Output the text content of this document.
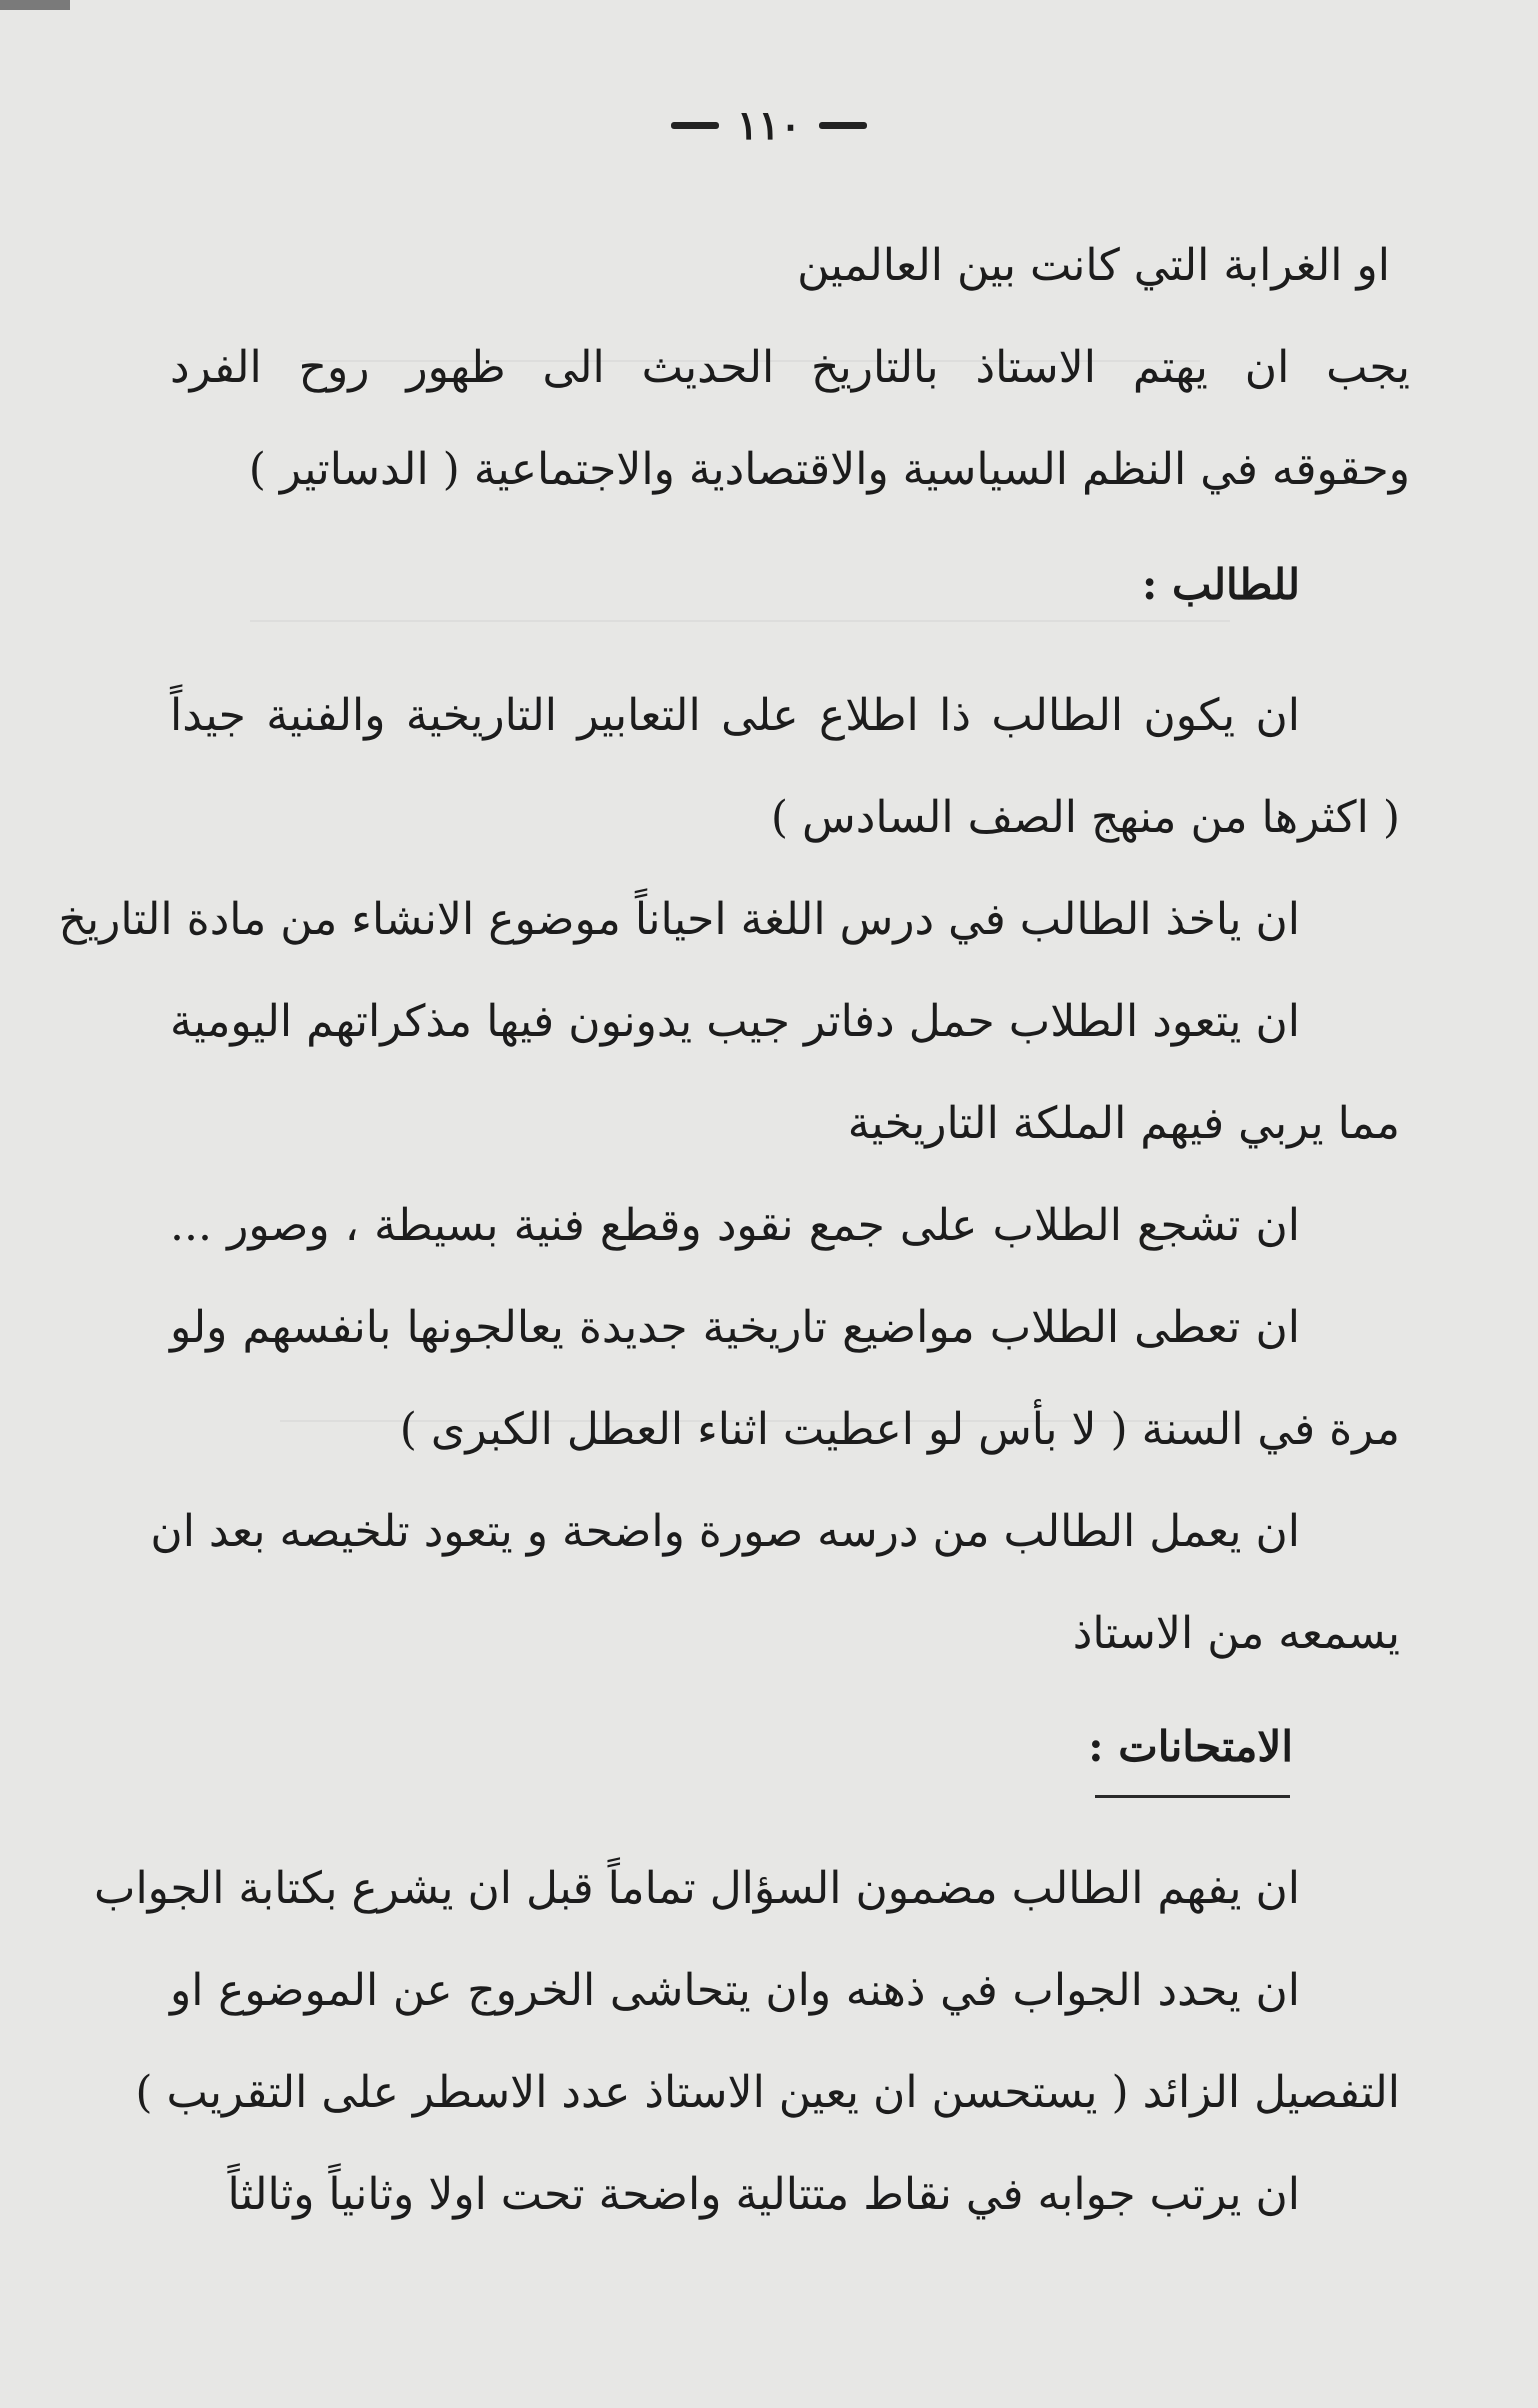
١١٠
او الغرابة التي كانت بين العالمين
يجب ان يهتم الاستاذ بالتاريخ الحديث الى ظهور روح الفرد
وحقوقه في النظم السياسية والاقتصادية والاجتماعية ( الدساتير )
للطالب :
ان يكون الطالب ذا اطلاع على التعابير التاريخية والفنية جيداً
( اكثرها من منهج الصف السادس )
ان ياخذ الطالب في درس اللغة احياناً موضوع الانشاء من مادة التاريخ
ان يتعود الطلاب حمل دفاتر جيب يدونون فيها مذكراتهم اليومية
مما يربي فيهم الملكة التاريخية
ان تشجع الطلاب على جمع نقود وقطع فنية بسيطة ، وصور ...
ان تعطى الطلاب مواضيع تاريخية جديدة يعالجونها بانفسهم ولو
مرة في السنة ( لا بأس لو اعطيت اثناء العطل الكبرى )
ان يعمل الطالب من درسه صورة واضحة و يتعود تلخيصه بعد ان
يسمعه من الاستاذ
الامتحانات :
ان يفهم الطالب مضمون السؤال تماماً قبل ان يشرع بكتابة الجواب
ان يحدد الجواب في ذهنه وان يتحاشى الخروج عن الموضوع او
التفصيل الزائد ( يستحسن ان يعين الاستاذ عدد الاسطر على التقريب )
ان يرتب جوابه في نقاط متتالية واضحة تحت اولا وثانياً وثالثاً
